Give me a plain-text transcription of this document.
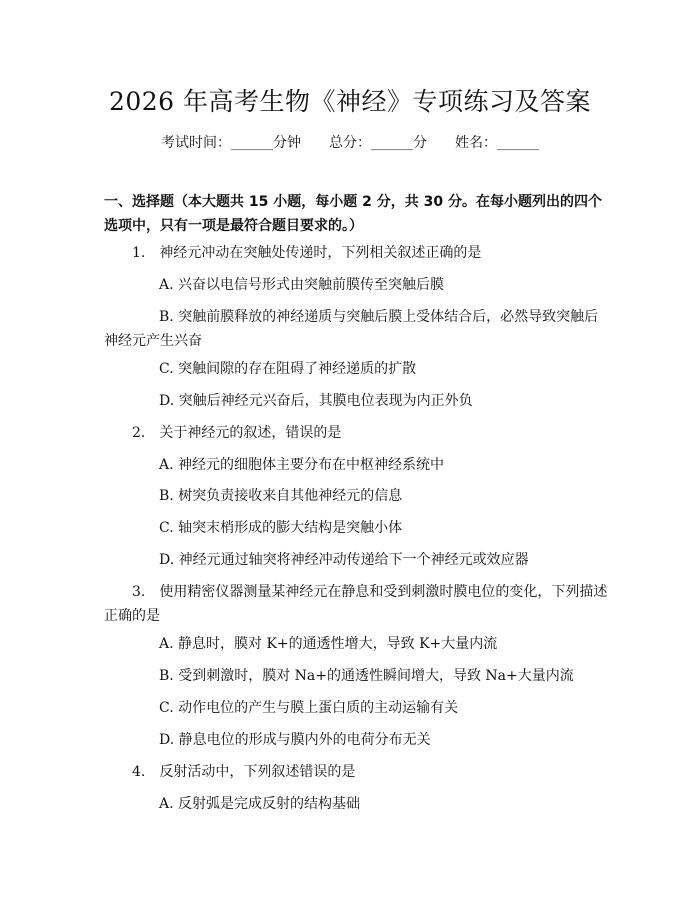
2026 年高考生物《神经》专项练习及答案
考试时间：______分钟 总分：______分 姓名：______
一、选择题（本大题共 15 小题，每小题 2 分，共 30 分。在每小题列出的四个选项中，只有一项是最符合题目要求的。）
1.　神经元冲动在突触处传递时，下列相关叙述正确的是
A. 兴奋以电信号形式由突触前膜传至突触后膜
B. 突触前膜释放的神经递质与突触后膜上受体结合后，必然导致突触后
神经元产生兴奋
C. 突触间隙的存在阻碍了神经递质的扩散
D. 突触后神经元兴奋后，其膜电位表现为内正外负
2.　关于神经元的叙述，错误的是
A. 神经元的细胞体主要分布在中枢神经系统中
B. 树突负责接收来自其他神经元的信息
C. 轴突末梢形成的膨大结构是突触小体
D. 神经元通过轴突将神经冲动传递给下一个神经元或效应器
3.　使用精密仪器测量某神经元在静息和受到刺激时膜电位的变化，下列描述
正确的是
A. 静息时，膜对 K+的通透性增大，导致 K+大量内流
B. 受到刺激时，膜对 Na+的通透性瞬间增大，导致 Na+大量内流
C. 动作电位的产生与膜上蛋白质的主动运输有关
D. 静息电位的形成与膜内外的电荷分布无关
4.　反射活动中，下列叙述错误的是
A. 反射弧是完成反射的结构基础
